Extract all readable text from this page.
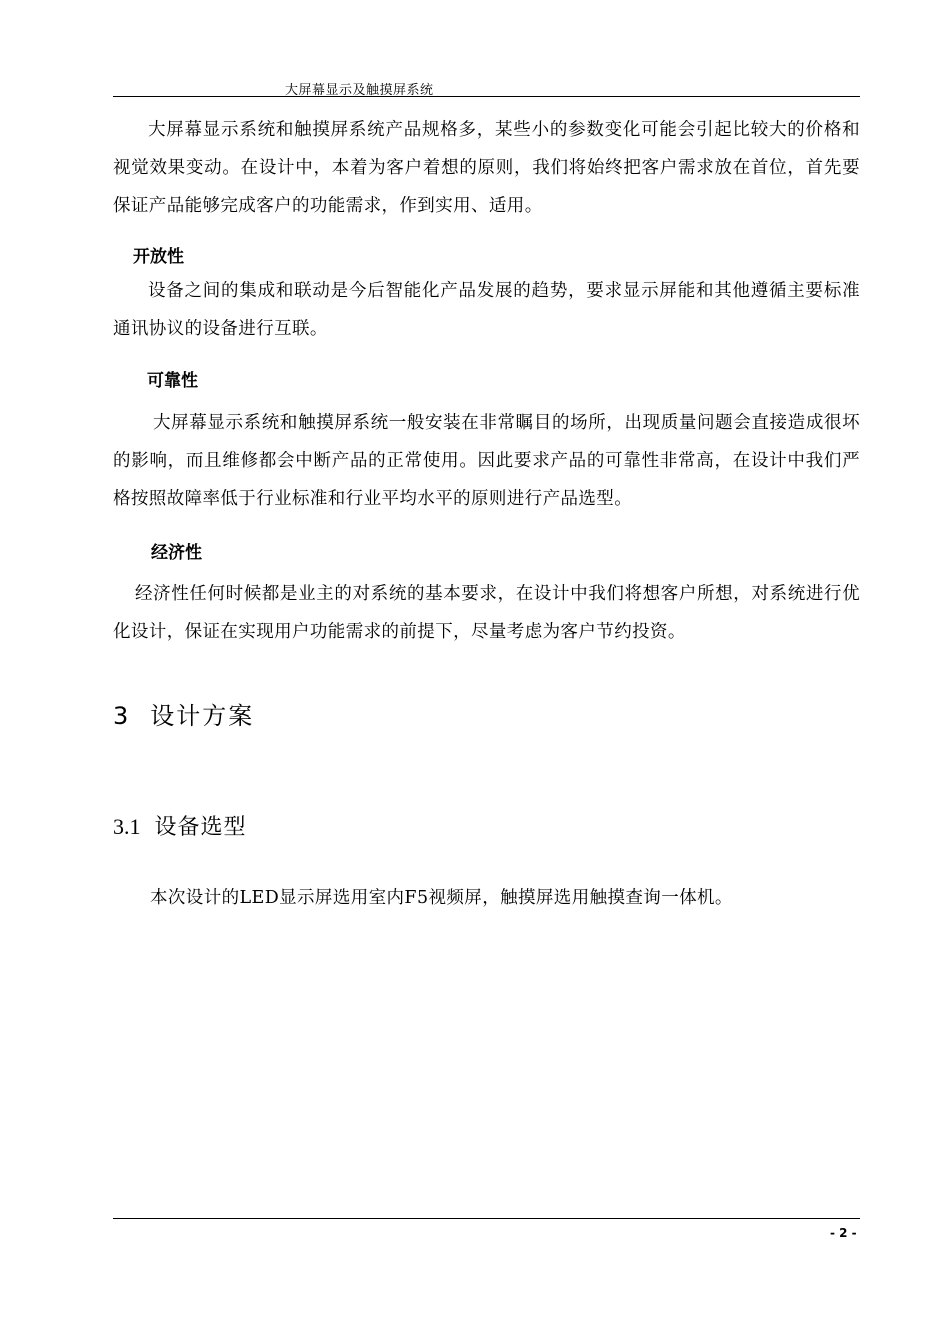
大屏幕显示及触摸屏系统

大屏幕显示系统和触摸屏系统产品规格多，某些小的参数变化可能会引起比较大的价格和视觉效果变动。在设计中，本着为客户着想的原则，我们将始终把客户需求放在首位，首先要保证产品能够完成客户的功能需求，作到实用、适用。

开放性

设备之间的集成和联动是今后智能化产品发展的趋势，要求显示屏能和其他遵循主要标准通讯协议的设备进行互联。

可靠性

大屏幕显示系统和触摸屏系统一般安装在非常瞩目的场所，出现质量问题会直接造成很坏的影响，而且维修都会中断产品的正常使用。因此要求产品的可靠性非常高，在设计中我们严格按照故障率低于行业标准和行业平均水平的原则进行产品选型。

经济性

经济性任何时候都是业主的对系统的基本要求，在设计中我们将想客户所想，对系统进行优化设计，保证在实现用户功能需求的前提下，尽量考虑为客户节约投资。

3 设计方案
3.1 设备选型

本次设计的LED显示屏选用室内F5视频屏，触摸屏选用触摸查询一体机。

- 2 -
